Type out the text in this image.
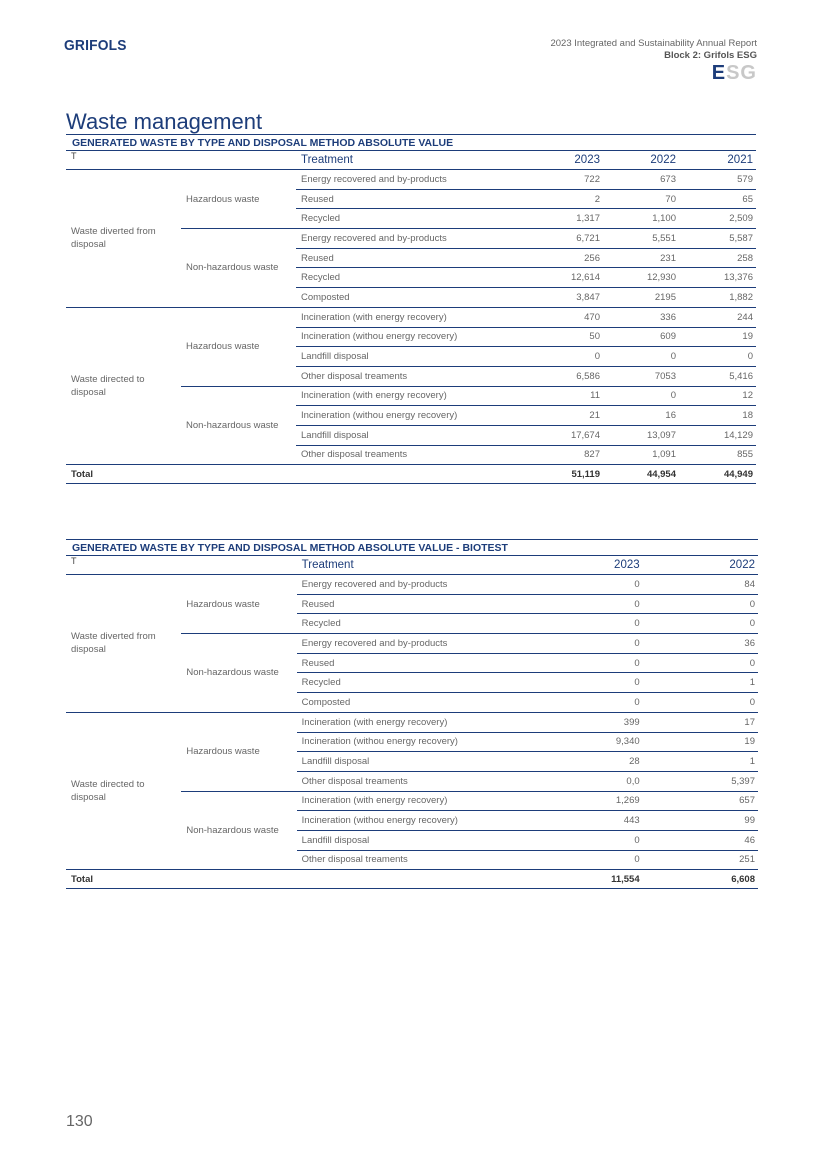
GRIFOLS	2023 Integrated and Sustainability Annual Report
Block 2: Grifols ESG
ESG
Waste management
GENERATED WASTE BY TYPE AND DISPOSAL METHOD ABSOLUTE VALUE
T		Treatment	2023	2022	2021
Waste diverted from disposal	Hazardous waste	Energy recovered and by-products	722	673	579
		Reused	2	70	65
		Recycled	1,317	1,100	2,509
	Non-hazardous waste	Energy recovered and by-products	6,721	5,551	5,587
		Reused	256	231	258
		Recycled	12,614	12,930	13,376
		Composted	3,847	2195	1,882
Waste directed to disposal	Hazardous waste	Incineration (with energy recovery)	470	336	244
		Incineration (withou energy recovery)	50	609	19
		Landfill disposal	0	0	0
		Other disposal treaments	6,586	7053	5,416
	Non-hazardous waste	Incineration (with energy recovery)	11	0	12
		Incineration (withou energy recovery)	21	16	18
		Landfill disposal	17,674	13,097	14,129
		Other disposal treaments	827	1,091	855
Total			51,119	44,954	44,949
GENERATED WASTE BY TYPE AND DISPOSAL METHOD ABSOLUTE VALUE - BIOTEST
T		Treatment	2023	2022
Waste diverted from disposal	Hazardous waste	Energy recovered and by-products	0	84
		Reused	0	0
		Recycled	0	0
	Non-hazardous waste	Energy recovered and by-products	0	36
		Reused	0	0
		Recycled	0	1
		Composted	0	0
Waste directed to disposal	Hazardous waste	Incineration (with energy recovery)	399	17
		Incineration (withou energy recovery)	9,340	19
		Landfill disposal	28	1
		Other disposal treaments	0,0	5,397
	Non-hazardous waste	Incineration (with energy recovery)	1,269	657
		Incineration (withou energy recovery)	443	99
		Landfill disposal	0	46
		Other disposal treaments	0	251
Total			11,554	6,608
130
